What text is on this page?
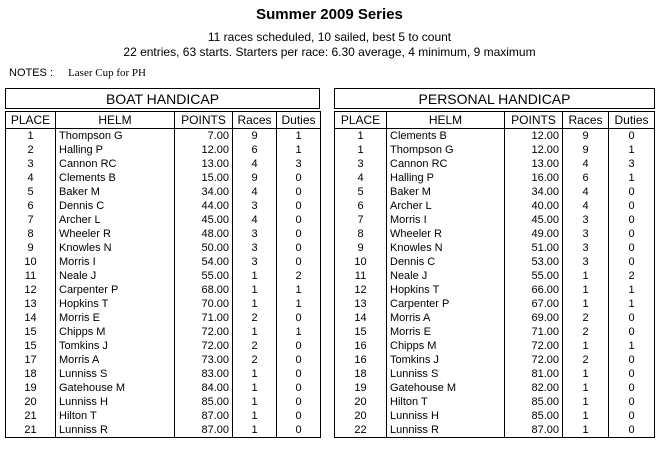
Summer 2009 Series
11 races scheduled, 10 sailed, best 5 to count
22 entries, 63 starts. Starters per race: 6.30 average, 4 minimum, 9 maximum
NOTES : Laser Cup for PH
BOAT HANDICAP	PERSONAL HANDICAP
PLACE	HELM	POINTS	Races	Duties
1	Thompson G	7.00	9	1
2	Halling P	12.00	6	1
3	Cannon RC	13.00	4	3
4	Clements B	15.00	9	0
5	Baker M	34.00	4	0
6	Dennis C	44.00	3	0
7	Archer L	45.00	4	0
8	Wheeler R	48.00	3	0
9	Knowles N	50.00	3	0
10	Morris I	54.00	3	0
11	Neale J	55.00	1	2
12	Carpenter P	68.00	1	1
13	Hopkins T	70.00	1	1
14	Morris E	71.00	2	0
15	Chipps M	72.00	1	1
15	Tomkins J	72.00	2	0
17	Morris A	73.00	2	0
18	Lunniss S	83.00	1	0
19	Gatehouse M	84.00	1	0
20	Lunniss H	85.00	1	0
21	Hilton T	87.00	1	0
21	Lunniss R	87.00	1	0
PLACE	HELM	POINTS	Races	Duties
1	Clements B	12.00	9	0
1	Thompson G	12.00	9	1
3	Cannon RC	13.00	4	3
4	Halling P	16.00	6	1
5	Baker M	34.00	4	0
6	Archer L	40.00	4	0
7	Morris I	45.00	3	0
8	Wheeler R	49.00	3	0
9	Knowles N	51.00	3	0
10	Dennis C	53.00	3	0
11	Neale J	55.00	1	2
12	Hopkins T	66.00	1	1
13	Carpenter P	67.00	1	1
14	Morris A	69.00	2	0
15	Morris E	71.00	2	0
16	Chipps M	72.00	1	1
16	Tomkins J	72.00	2	0
18	Lunniss S	81.00	1	0
19	Gatehouse M	82.00	1	0
20	Hilton T	85.00	1	0
20	Lunniss H	85.00	1	0
22	Lunniss R	87.00	1	0
